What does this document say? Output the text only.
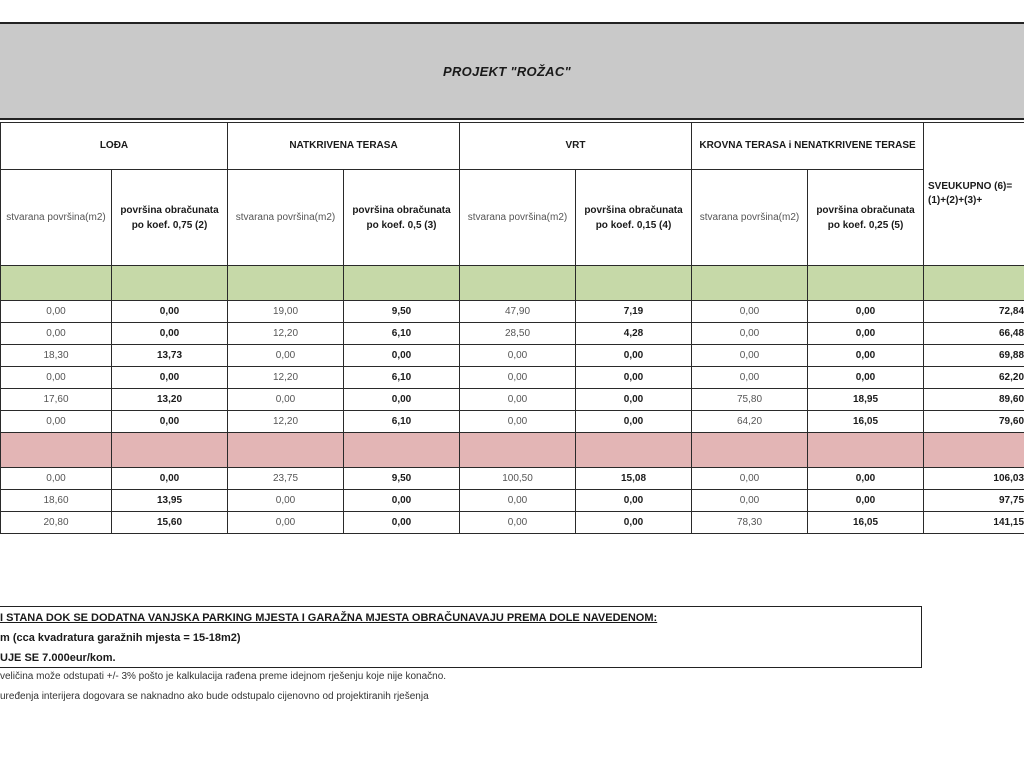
PROJEKT "ROŽAC"
LOĐA		NATKRIVENA TERASA		VRT		KROVNA TERASA i NENATKRIVENE TERASE		SVEUKUPNO (6)=(1)+(2)+(3)+
stvarana površina(m2)	površina obračunata po koef. 0,75 (2)	stvarana površina(m2)	površina obračunata po koef. 0,5 (3)	stvarana površina(m2)	površina obračunata po koef. 0,15 (4)	stvarana površina(m2)	površina obračunata po koef. 0,25 (5)	

0,00	0,00	19,00	9,50	47,90	7,19	0,00	0,00	72,84
0,00	0,00	12,20	6,10	28,50	4,28	0,00	0,00	66,48
18,30	13,73	0,00	0,00	0,00	0,00	0,00	0,00	69,88
0,00	0,00	12,20	6,10	0,00	0,00	0,00	0,00	62,20
17,60	13,20	0,00	0,00	0,00	0,00	75,80	18,95	89,60
0,00	0,00	12,20	6,10	0,00	0,00	64,20	16,05	79,60

0,00	0,00	23,75	9,50	100,50	15,08	0,00	0,00	106,03
18,60	13,95	0,00	0,00	0,00	0,00	0,00	0,00	97,75
20,80	15,60	0,00	0,00	0,00	0,00	78,30	16,05	141,15
I STANA DOK SE DODATNA VANJSKA PARKING MJESTA I GARAŽNA MJESTA OBRAČUNAVAJU PREMA DOLE NAVEDENOM:
m (cca kvadratura garažnih mjesta = 15-18m2)
UJE SE 7.000eur/kom.
veličina može odstupati +/- 3% pošto je kalkulacija rađena preme idejnom rješenju koje nije konačno.
uređenja interijera dogovara se naknadno ako bude odstupalo cijenovno od projektiranih rješenja
